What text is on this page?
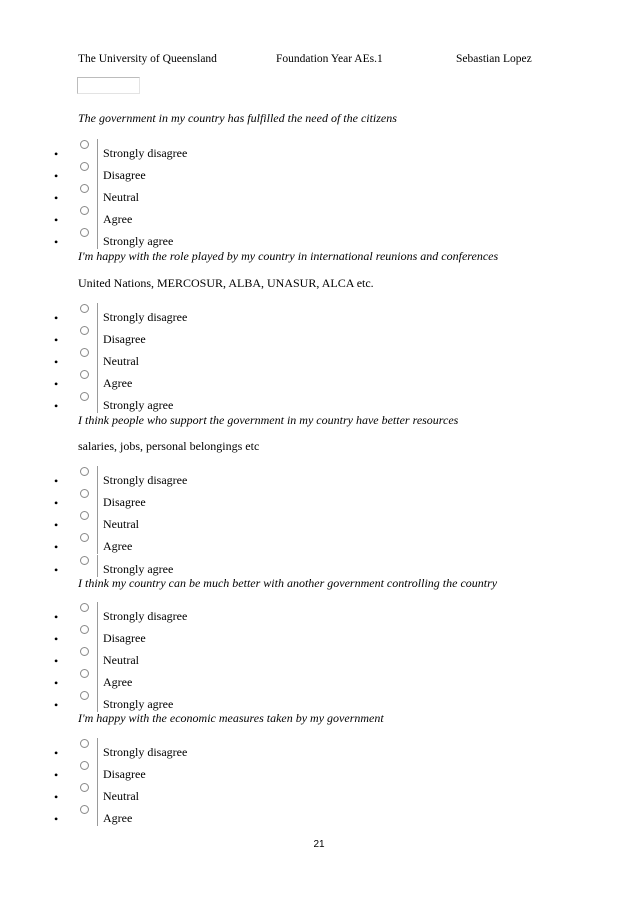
The University of Queensland	Foundation Year AEs.1	Sebastian Lopez
The government in my country has fulfilled the need of the citizens
•	Strongly disagree
•	Disagree
•	Neutral
•	Agree
•	Strongly agree
I'm happy with the role played by my country in international reunions and conferences
United Nations, MERCOSUR, ALBA, UNASUR, ALCA etc.
•	Strongly disagree
•	Disagree
•	Neutral
•	Agree
•	Strongly agree
I think people who support the government in my country have better resources
salaries, jobs, personal belongings etc
•	Strongly disagree
•	Disagree
•	Neutral
•	Agree
•	Strongly agree
I think my country can be much better with another government controlling the country
•	Strongly disagree
•	Disagree
•	Neutral
•	Agree
•	Strongly agree
I'm happy with the economic measures taken by my government
•	Strongly disagree
•	Disagree
•	Neutral
•	Agree
21
